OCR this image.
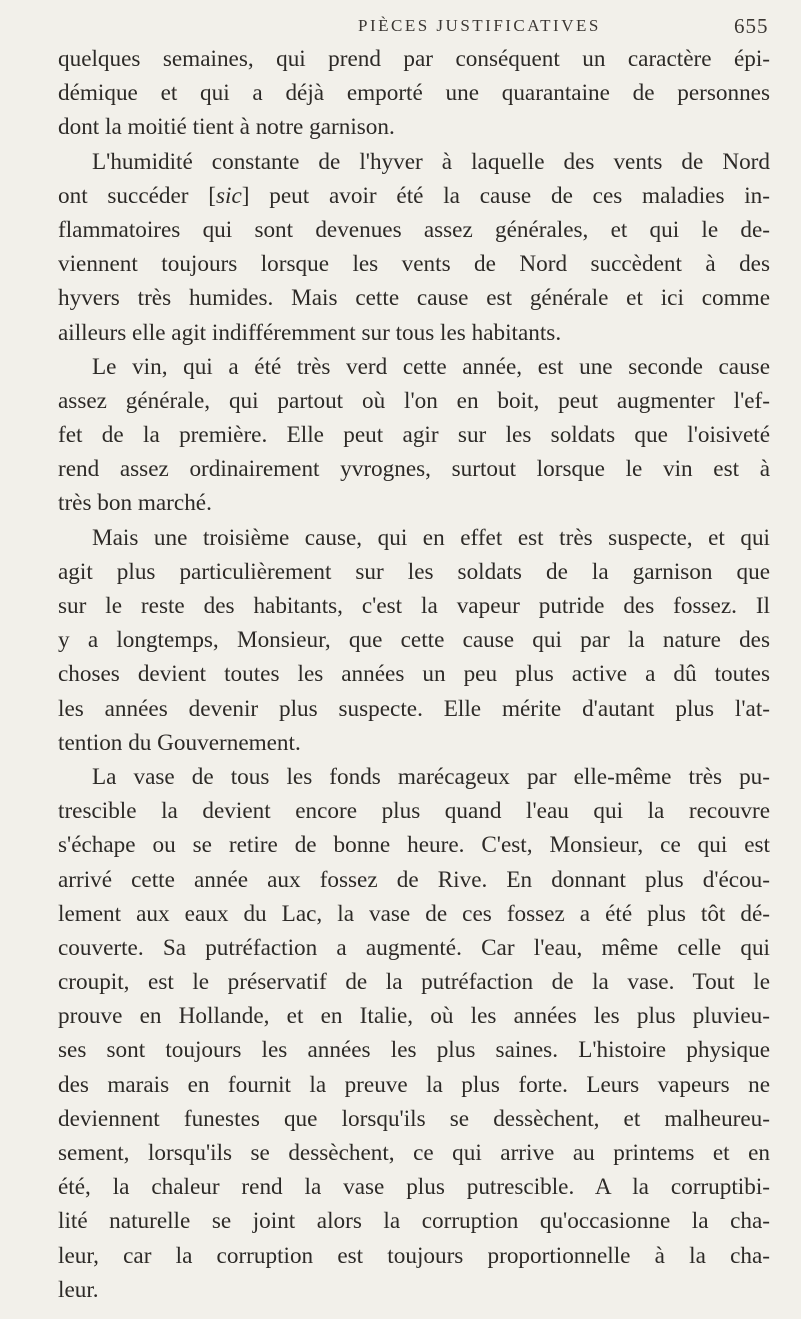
PIÈCES JUSTIFICATIVES	655
quelques semaines, qui prend par conséquent un caractère épi-
démique et qui a déjà emporté une quarantaine de personnes
dont la moitié tient à notre garnison.
L'humidité constante de l'hyver à laquelle des vents de Nord
ont succéder [sic] peut avoir été la cause de ces maladies in-
flammatoires qui sont devenues assez générales, et qui le de-
viennent toujours lorsque les vents de Nord succèdent à des
hyvers très humides. Mais cette cause est générale et ici comme
ailleurs elle agit indifféremment sur tous les habitants.
Le vin, qui a été très verd cette année, est une seconde cause
assez générale, qui partout où l'on en boit, peut augmenter l'ef-
fet de la première. Elle peut agir sur les soldats que l'oisiveté
rend assez ordinairement yvrognes, surtout lorsque le vin est à
très bon marché.
Mais une troisième cause, qui en effet est très suspecte, et qui
agit plus particulièrement sur les soldats de la garnison que
sur le reste des habitants, c'est la vapeur putride des fossez. Il
y a longtemps, Monsieur, que cette cause qui par la nature des
choses devient toutes les années un peu plus active a dû toutes
les années devenir plus suspecte. Elle mérite d'autant plus l'at-
tention du Gouvernement.
La vase de tous les fonds marécageux par elle-même très pu-
trescible la devient encore plus quand l'eau qui la recouvre
s'échape ou se retire de bonne heure. C'est, Monsieur, ce qui est
arrivé cette année aux fossez de Rive. En donnant plus d'écou-
lement aux eaux du Lac, la vase de ces fossez a été plus tôt dé-
couverte. Sa putréfaction a augmenté. Car l'eau, même celle qui
croupit, est le préservatif de la putréfaction de la vase. Tout le
prouve en Hollande, et en Italie, où les années les plus pluvieu-
ses sont toujours les années les plus saines. L'histoire physique
des marais en fournit la preuve la plus forte. Leurs vapeurs ne
deviennent funestes que lorsqu'ils se dessèchent, et malheureu-
sement, lorsqu'ils se dessèchent, ce qui arrive au printems et en
été, la chaleur rend la vase plus putrescible. A la corruptibi-
lité naturelle se joint alors la corruption qu'occasionne la cha-
leur, car la corruption est toujours proportionnelle à la cha-
leur.
